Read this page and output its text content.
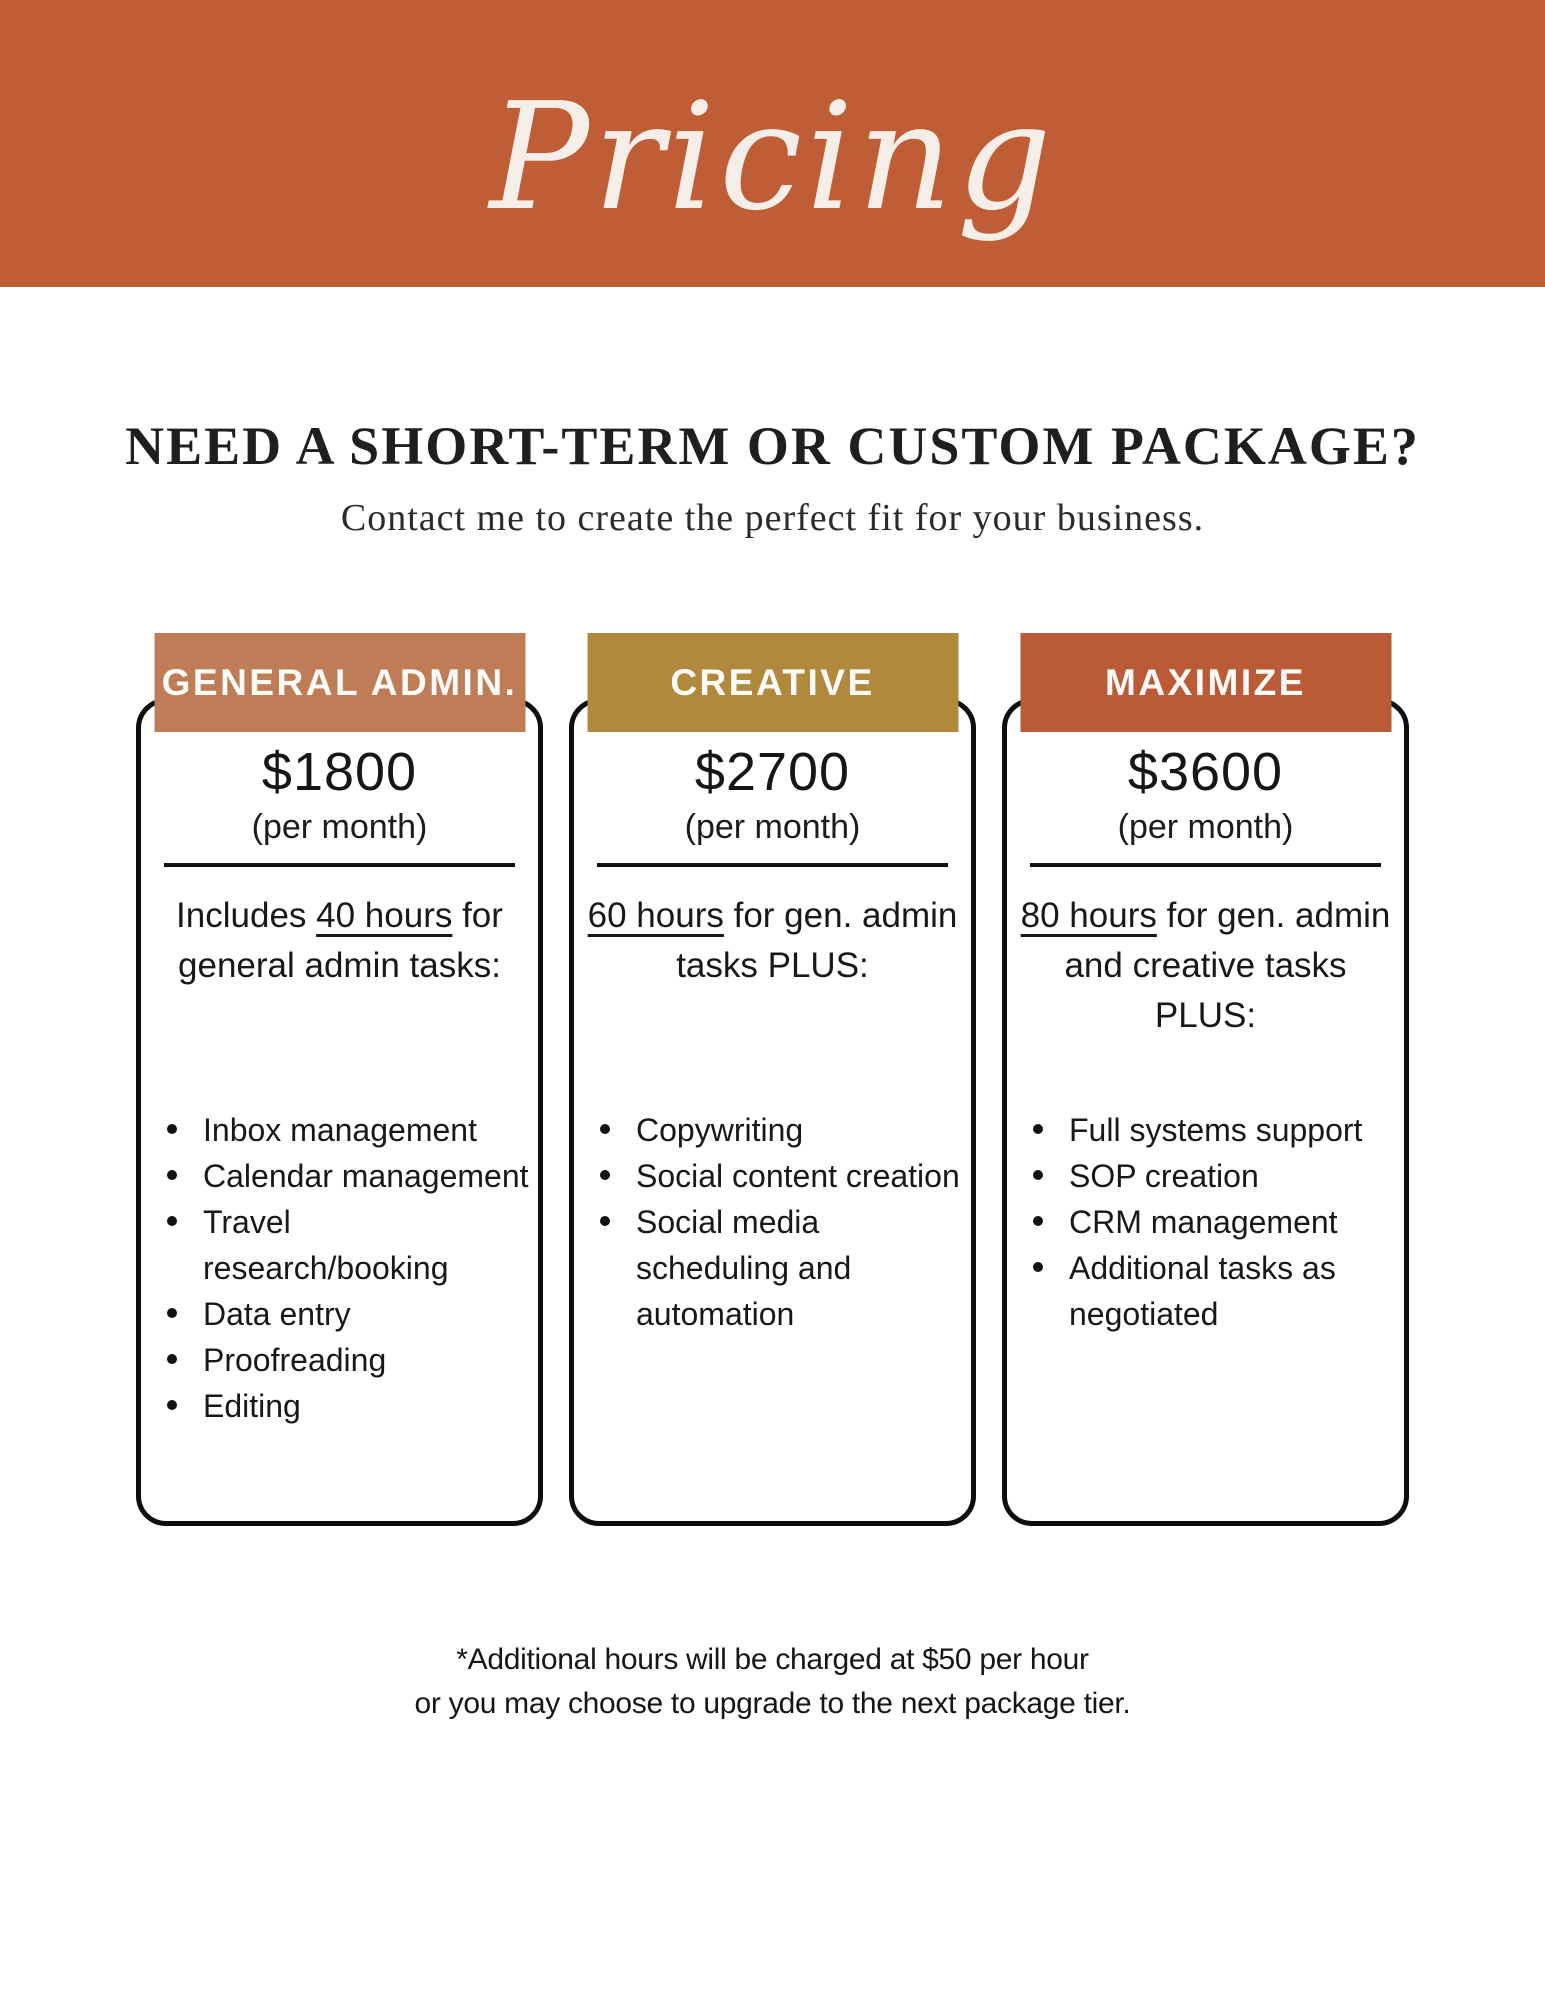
Pricing
NEED A SHORT-TERM OR CUSTOM PACKAGE?

Contact me to create the perfect fit for your business.

GENERAL ADMIN.
$1800
(per month)

Includes 40 hours for general admin tasks:

Inbox management
Calendar management
Travel research/booking
Data entry
Proofreading
Editing
CREATIVE
$2700
(per month)

60 hours for gen. admin tasks PLUS:

Copywriting
Social content creation
Social media scheduling and automation
MAXIMIZE
$3600
(per month)

80 hours for gen. admin and creative tasks PLUS:

Full systems support
SOP creation
CRM management
Additional tasks as negotiated

*Additional hours will be charged at $50 per hour

or you may choose to upgrade to the next package tier.
